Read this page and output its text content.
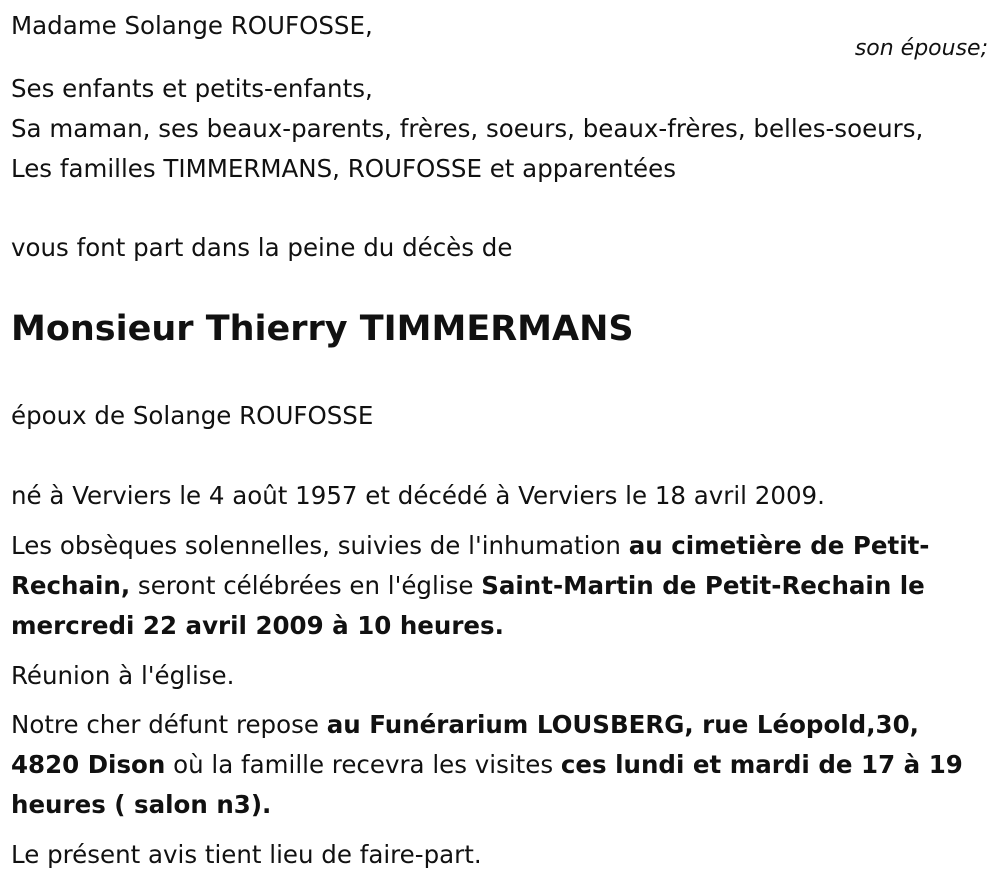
Madame Solange ROUFOSSE,
son épouse;
Ses enfants et petits-enfants,
Sa maman, ses beaux-parents, frères, soeurs, beaux-frères, belles-soeurs,
Les familles TIMMERMANS, ROUFOSSE et apparentées
vous font part dans la peine du décès de
Monsieur Thierry TIMMERMANS
époux de Solange ROUFOSSE
né à Verviers le 4 août 1957 et décédé à Verviers le 18 avril 2009.
Les obsèques solennelles, suivies de l'inhumation au cimetière de Petit-Rechain, seront célébrées en l'église Saint-Martin de Petit-Rechain le mercredi 22 avril 2009 à 10 heures.
Réunion à l'église.
Notre cher défunt repose au Funérarium LOUSBERG, rue Léopold,30, 4820 Dison où la famille recevra les visites ces lundi et mardi de 17 à 19 heures ( salon n3).
Le présent avis tient lieu de faire-part.
